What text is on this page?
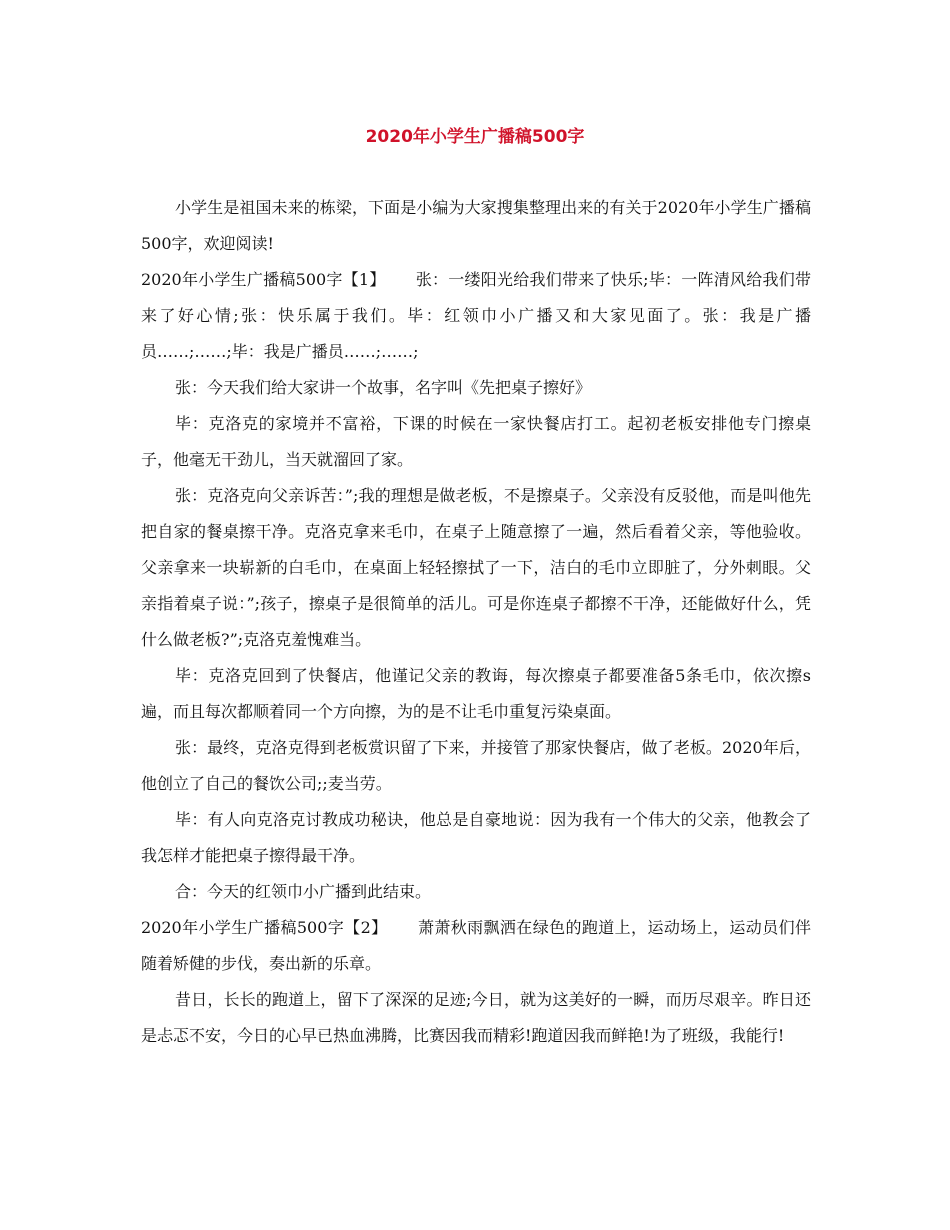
2020年小学生广播稿500字

小学生是祖国未来的栋梁，下面是小编为大家搜集整理出来的有关于2020年小学生广播稿500字，欢迎阅读!

2020年小学生广播稿500字【1】 张：一缕阳光给我们带来了快乐;毕：一阵清风给我们带来了好心情;张：快乐属于我们。毕：红领巾小广播又和大家见面了。张：我是广播员……;……;毕：我是广播员……;……;

张：今天我们给大家讲一个故事，名字叫《先把桌子擦好》

毕：克洛克的家境并不富裕，下课的时候在一家快餐店打工。起初老板安排他专门擦桌子，他毫无干劲儿，当天就溜回了家。

张：克洛克向父亲诉苦：”;我的理想是做老板，不是擦桌子。父亲没有反驳他，而是叫他先把自家的餐桌擦干净。克洛克拿来毛巾，在桌子上随意擦了一遍，然后看着父亲，等他验收。父亲拿来一块崭新的白毛巾，在桌面上轻轻擦拭了一下，洁白的毛巾立即脏了，分外刺眼。父亲指着桌子说：”;孩子，擦桌子是很简单的活儿。可是你连桌子都擦不干净，还能做好什么，凭什么做老板?”;克洛克羞愧难当。

毕：克洛克回到了快餐店，他谨记父亲的教诲，每次擦桌子都要准备5条毛巾，依次擦s遍，而且每次都顺着同一个方向擦，为的是不让毛巾重复污染桌面。

张：最终，克洛克得到老板赏识留了下来，并接管了那家快餐店，做了老板。2020年后，他创立了自己的餐饮公司;;麦当劳。

毕：有人向克洛克讨教成功秘诀，他总是自豪地说：因为我有一个伟大的父亲，他教会了我怎样才能把桌子擦得最干净。

合：今天的红领巾小广播到此结束。

2020年小学生广播稿500字【2】 萧萧秋雨飘洒在绿色的跑道上，运动场上，运动员们伴随着矫健的步伐，奏出新的乐章。

昔日，长长的跑道上，留下了深深的足迹;今日，就为这美好的一瞬，而历尽艰辛。昨日还是忐忑不安，今日的心早已热血沸腾，比赛因我而精彩!跑道因我而鲜艳!为了班级，我能行!
